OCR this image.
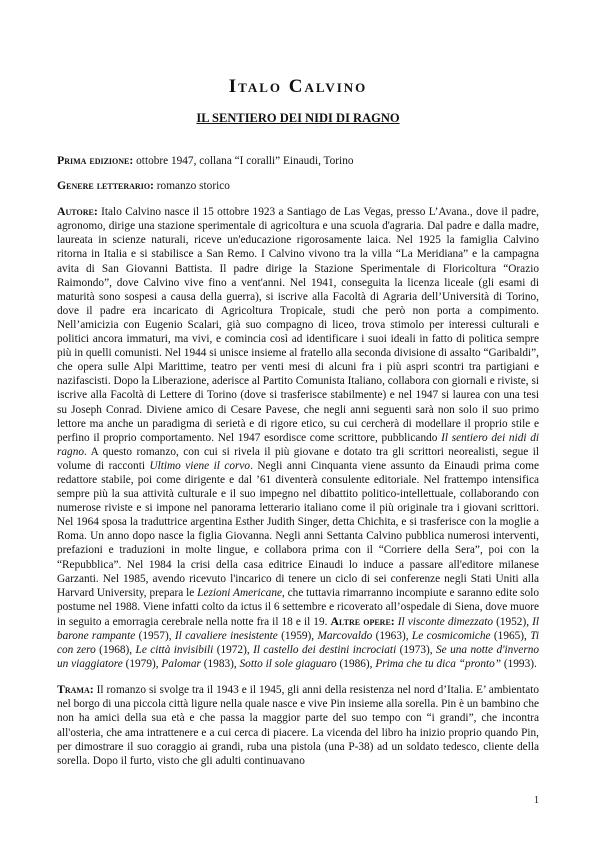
Italo Calvino
IL SENTIERO DEI NIDI DI RAGNO

Prima edizione: ottobre 1947, collana “I coralli” Einaudi, Torino

Genere letterario: romanzo storico

Autore: Italo Calvino nasce il 15 ottobre 1923 a Santiago de Las Vegas, presso L’Avana., dove il padre, agronomo, dirige una stazione sperimentale di agricoltura e una scuola d'agraria. Dal padre e dalla madre, laureata in scienze naturali, riceve un'educazione rigorosamente laica. Nel 1925 la famiglia Calvino ritorna in Italia e si stabilisce a San Remo. I Calvino vivono tra la villa “La Meridiana” e la campagna avita di San Giovanni Battista. Il padre dirige la Stazione Sperimentale di Floricoltura “Orazio Raimondo”, dove Calvino vive fino a vent'anni. Nel 1941, conseguita la licenza liceale (gli esami di maturità sono sospesi a causa della guerra), si iscrive alla Facoltà di Agraria dell’Università di Torino, dove il padre era incaricato di Agricoltura Tropicale, studi che però non porta a compimento. Nell’amicizia con Eugenio Scalari, già suo compagno di liceo, trova stimolo per interessi culturali e politici ancora immaturi, ma vivi, e comincia così ad identificare i suoi ideali in fatto di politica sempre più in quelli comunisti. Nel 1944 si unisce insieme al fratello alla seconda divisione di assalto “Garibaldi”, che opera sulle Alpi Marittime, teatro per venti mesi di alcuni fra i più aspri scontri tra partigiani e nazifascisti. Dopo la Liberazione, aderisce al Partito Comunista Italiano, collabora con giornali e riviste, si iscrive alla Facoltà di Lettere di Torino (dove si trasferisce stabilmente) e nel 1947 si laurea con una tesi su Joseph Conrad. Diviene amico di Cesare Pavese, che negli anni seguenti sarà non solo il suo primo lettore ma anche un paradigma di serietà e di rigore etico, su cui cercherà di modellare il proprio stile e perfino il proprio comportamento. Nel 1947 esordisce come scrittore, pubblicando Il sentiero dei nidi di ragno. A questo romanzo, con cui si rivela il più giovane e dotato tra gli scrittori neorealisti, segue il volume di racconti Ultimo viene il corvo. Negli anni Cinquanta viene assunto da Einaudi prima come redattore stabile, poi come dirigente e dal ’61 diventerà consulente editoriale. Nel frattempo intensifica sempre più la sua attività culturale e il suo impegno nel dibattito politico-intellettuale, collaborando con numerose riviste e si impone nel panorama letterario italiano come il più originale tra i giovani scrittori. Nel 1964 sposa la traduttrice argentina Esther Judith Singer, detta Chichita, e si trasferisce con la moglie a Roma. Un anno dopo nasce la figlia Giovanna. Negli anni Settanta Calvino pubblica numerosi interventi, prefazioni e traduzioni in molte lingue, e collabora prima con il “Corriere della Sera”, poi con la “Repubblica”. Nel 1984 la crisi della casa editrice Einaudi lo induce a passare all'editore milanese Garzanti. Nel 1985, avendo ricevuto l'incarico di tenere un ciclo di sei conferenze negli Stati Uniti alla Harvard University, prepara le Lezioni Americane, che tuttavia rimarranno incompiute e saranno edite solo postume nel 1988. Viene infatti colto da ictus il 6 settembre e ricoverato all’ospedale di Siena, dove muore in seguito a emorragia cerebrale nella notte fra il 18 e il 19. Altre opere: Il visconte dimezzato (1952), Il barone rampante (1957), Il cavaliere inesistente (1959), Marcovaldo (1963), Le cosmicomiche (1965), Ti con zero (1968), Le città invisibili (1972), Il castello dei destini incrociati (1973), Se una notte d'inverno un viaggiatore (1979), Palomar (1983), Sotto il sole giaguaro (1986), Prima che tu dica “pronto” (1993).

Trama: Il romanzo si svolge tra il 1943 e il 1945, gli anni della resistenza nel nord d’Italia. E’ ambientato nel borgo di una piccola città ligure nella quale nasce e vive Pin insieme alla sorella. Pin è un bambino che non ha amici della sua età e che passa la maggior parte del suo tempo con “i grandi”, che incontra all'osteria, che ama intrattenere e a cui cerca di piacere. La vicenda del libro ha inizio proprio quando Pin, per dimostrare il suo coraggio ai grandi, ruba una pistola (una P-38) ad un soldato tedesco, cliente della sorella. Dopo il furto, visto che gli adulti continuavano

1
